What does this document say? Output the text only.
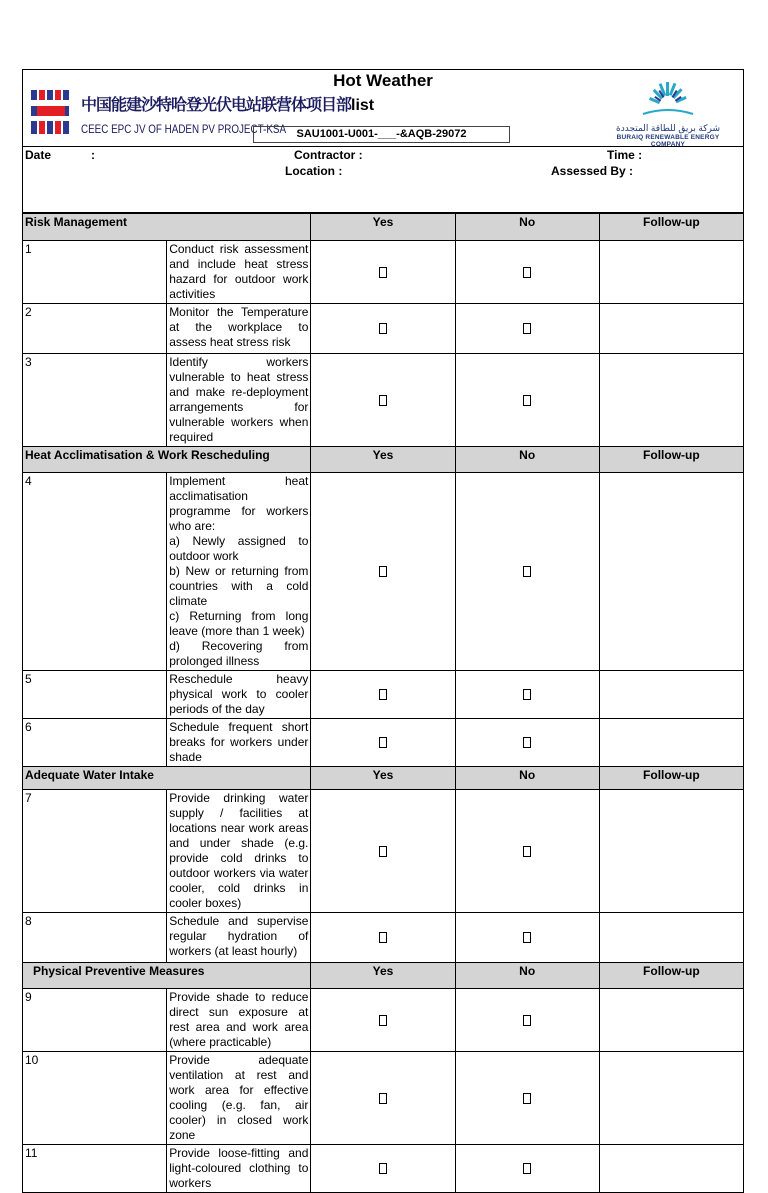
Hot Weather
中国能建沙特哈登光伏电站联营体项目部list
CEEC EPC JV OF HADEN PV PROJECT-KSA SAU1001-U001-___-&AQB-29072	شركة بريق للطاقة المتجددة
BURAIQ RENEWABLE ENERGY COMPANY
Date	:	Contractor :
Location :
Time :
Assessed By :
Risk Management		Yes	No	Follow-up
1	Conduct risk assessment and include heat stress hazard for outdoor work activities			
2	Monitor the Temperature at the workplace to assess heat stress risk			
3	Identify workers vulnerable to heat stress and make re-deployment arrangements for vulnerable workers when required			
Heat Acclimatisation & Work Rescheduling		Yes	No	Follow-up
4	Implement heat acclimatisation programme for workers who are:
a) Newly assigned to outdoor work
b) New or returning from countries with a cold climate
c) Returning from long leave (more than 1 week)
d) Recovering from prolonged illness			
5	Reschedule heavy physical work to cooler periods of the day			
6	Schedule frequent short breaks for workers under shade			
Adequate Water Intake		Yes	No	Follow-up
7	Provide drinking water supply / facilities at locations near work areas and under shade (e.g. provide cold drinks to outdoor workers via water cooler, cold drinks in cooler boxes)			
8	Schedule and supervise regular hydration of workers (at least hourly)			
Physical Preventive Measures		Yes	No	Follow-up
9	Provide shade to reduce direct sun exposure at rest area and work area (where practicable)			
10	Provide adequate ventilation at rest and work area for effective cooling (e.g. fan, air cooler) in closed work zone			
11	Provide loose-fitting and light-coloured clothing to workers			
